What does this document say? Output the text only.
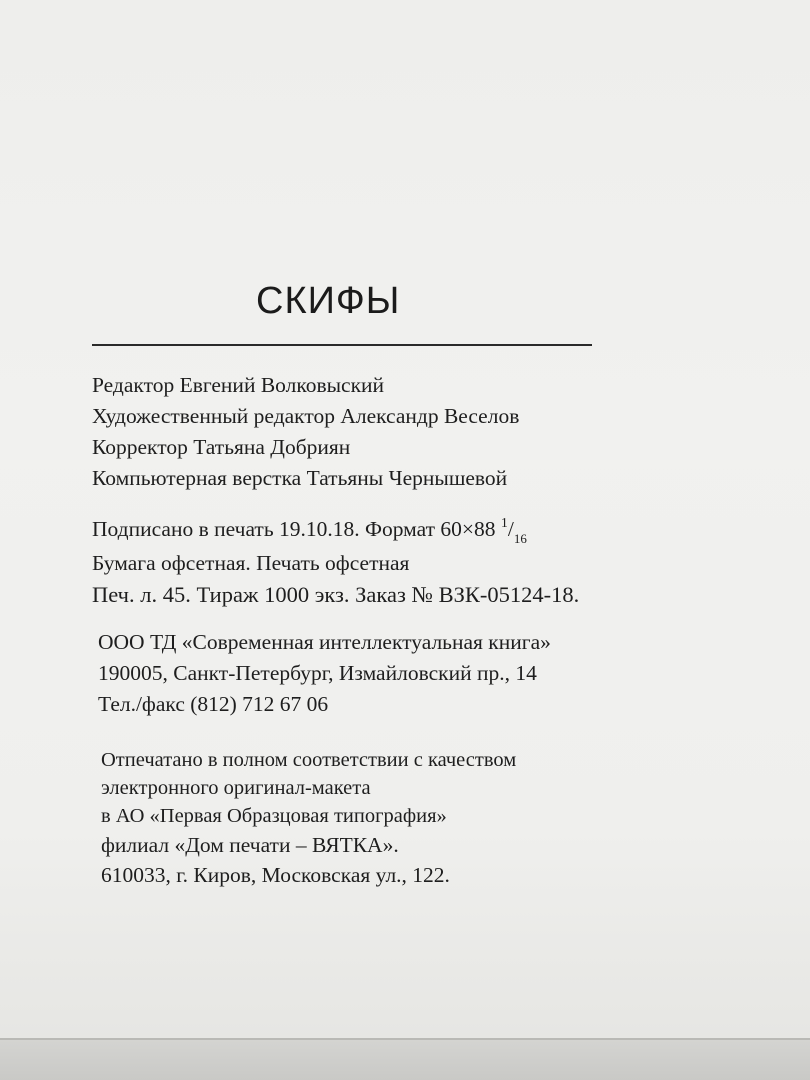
СКИФЫ
Редактор Евгений Волковыский
Художественный редактор Александр Веселов
Корректор Татьяна Добриян
Компьютерная верстка Татьяны Чернышевой
Подписано в печать 19.10.18. Формат 60×88 $^1/_{16}$
Бумага офсетная. Печать офсетная
Печ. л. 45. Тираж 1000 экз. Заказ № ВЗК-05124-18.
ООО ТД «Современная интеллектуальная книга»
190005, Санкт-Петербург, Измайловский пр., 14
Тел./факс (812) 712 67 06
Отпечатано в полном соответствии с качеством
электронного оригинал-макета
в АО «Первая Образцовая типография»
филиал «Дом печати – ВЯТКА».
610033, г. Киров, Московская ул., 122.
